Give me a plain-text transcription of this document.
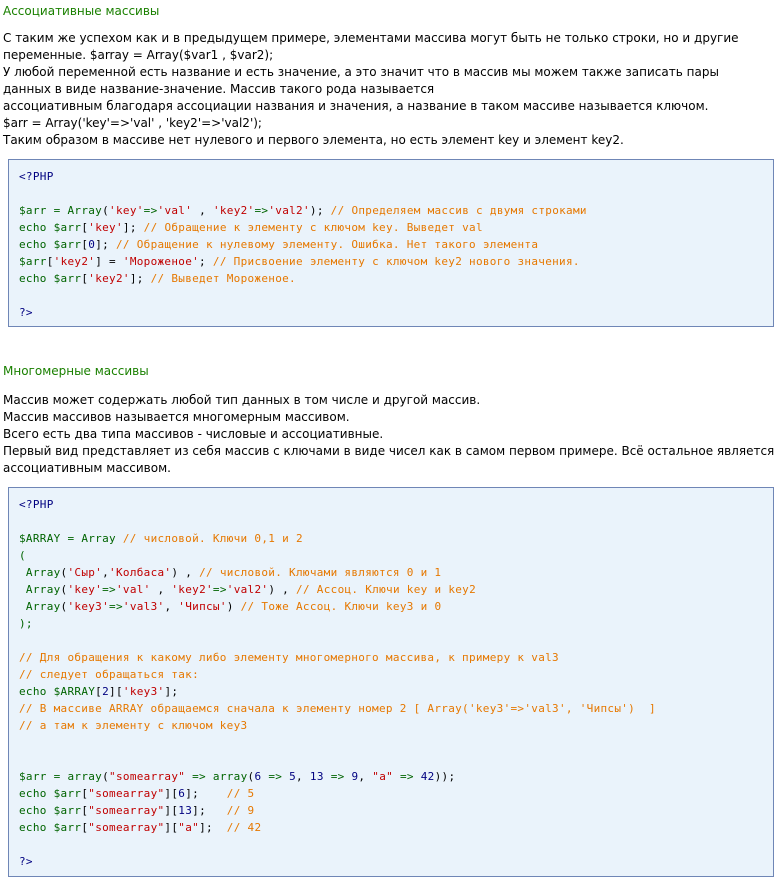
Ассоциативные массивы
С таким же успехом как и в предыдущем примере, элементами массива могут быть не только строки, но и другие
переменные. $array = Array($var1 , $var2);
У любой переменной есть название и есть значение, а это значит что в массив мы можем также записать пары
данных в виде название-значение. Массив такого рода называется
ассоциативным благодаря ассоциации названия и значения, а название в таком массиве называется ключом.
$arr = Array('key'=>'val' , 'key2'=>'val2');
Таким образом в массиве нет нулевого и первого элемента, но есть элемент key и элемент key2.
<?PHP
$arr = Array('key'=>'val' , 'key2'=>'val2'); // Определяем массив с двумя строками
echo $arr['key']; // Обращение к элементу с ключом key. Выведет val
echo $arr[0]; // Обращение к нулевому элементу. Ошибка. Нет такого элемента
$arr['key2'] = 'Мороженое'; // Присвоение элементу с ключом key2 нового значения.
echo $arr['key2']; // Выведет Мороженое.
?>
Многомерные массивы
Массив может содержать любой тип данных в том числе и другой массив.
Массив массивов называется многомерным массивом.
Всего есть два типа массивов - числовые и ассоциативные.
Первый вид представляет из себя массив с ключами в виде чисел как в самом первом примере. Всё остальное является
ассоциативным массивом.
<?PHP
$ARRAY = Array // числовой. Ключи 0,1 и 2
(
Array('Сыр','Колбаса') , // числовой. Ключами являются 0 и 1
Array('key'=>'val' , 'key2'=>'val2') , // Ассоц. Ключи key и key2
Array('key3'=>'val3', 'Чипсы') // Тоже Ассоц. Ключи key3 и 0
);
// Для обращения к какому либо элементу многомерного массива, к примеру к val3
// следует обращаться так:
echo $ARRAY[2]['key3'];
// В массиве ARRAY обращаемся сначала к элементу номер 2 [ Array('key3'=>'val3', 'Чипсы')  ]
// а там к элементу с ключом key3
$arr = array("somearray" => array(6 => 5, 13 => 9, "a" => 42));
echo $arr["somearray"][6];    // 5
echo $arr["somearray"][13];   // 9
echo $arr["somearray"]["a"];  // 42
?>
